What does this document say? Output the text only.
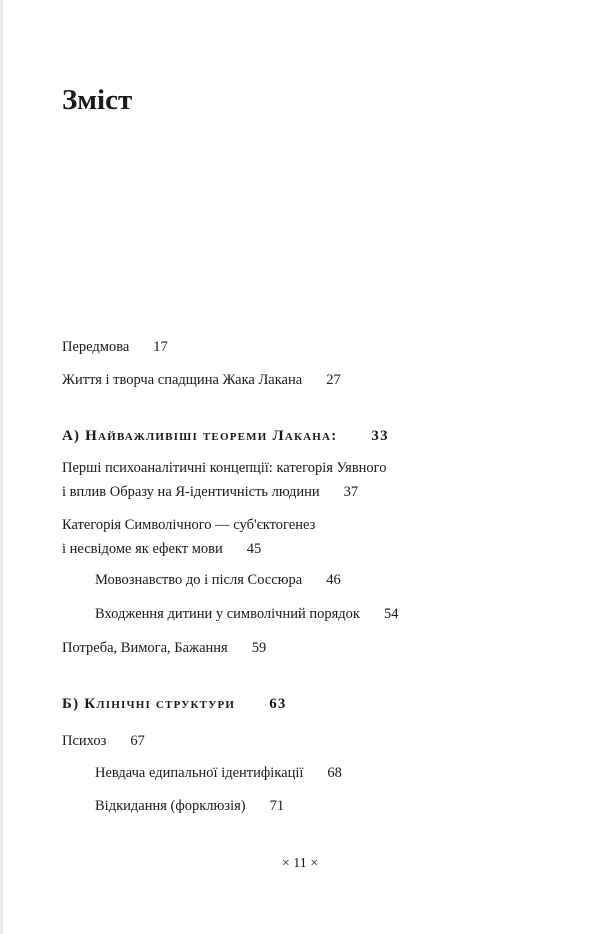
Зміст
Передмова 17
Життя і творча спадщина Жака Лакана 27
А) Найважливіші теореми Лакана: 33
Перші психоаналітичні концепції: категорія Уявного
і вплив Образу на Я-ідентичність людини 37
Категорія Символічного — суб'єктогенез
і несвідоме як ефект мови 45
Мовознавство до і після Соссюра 46
Входження дитини у символічний порядок 54
Потреба, Вимога, Бажання 59
Б) Клінічні структури 63
Психоз 67
Невдача едипальної ідентифікації 68
Відкидання (форклюзія) 71
× 11 ×
